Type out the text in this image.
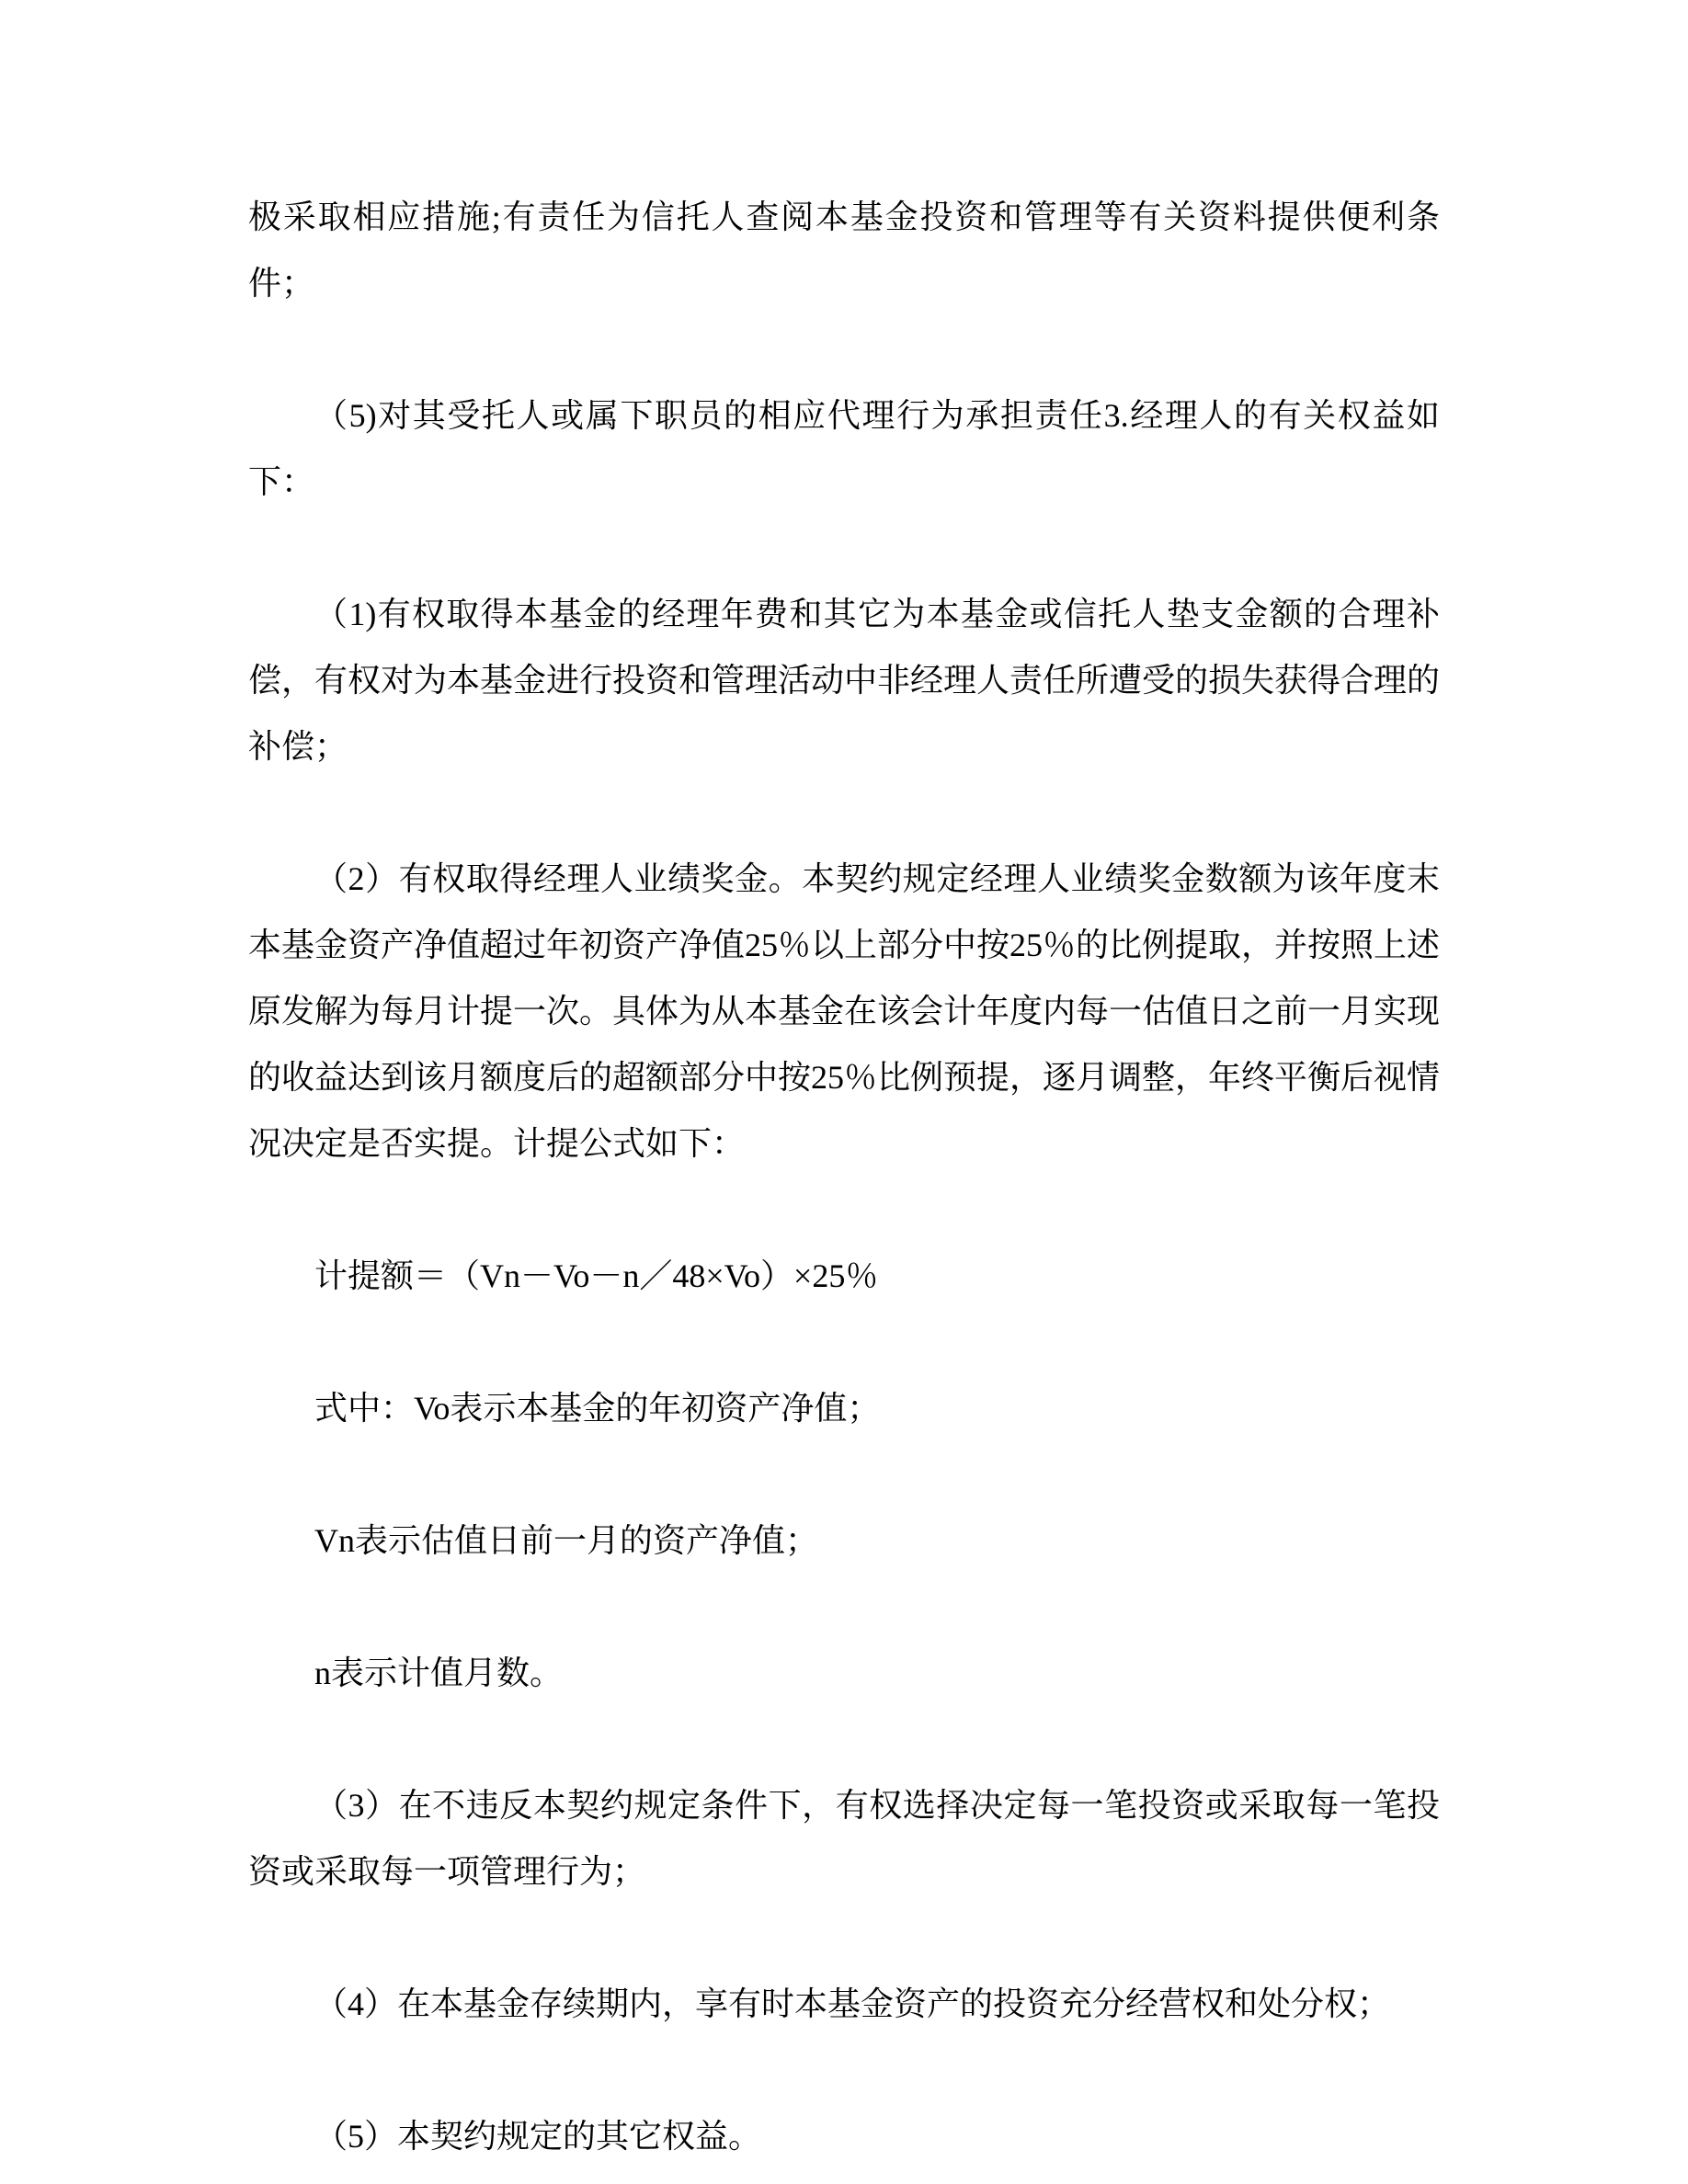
极采取相应措施;有责任为信托人查阅本基金投资和管理等有关资料提供便利条件；

（5)对其受托人或属下职员的相应代理行为承担责任3.经理人的有关权益如下：

（1)有权取得本基金的经理年费和其它为本基金或信托人垫支金额的合理补偿，有权对为本基金进行投资和管理活动中非经理人责任所遭受的损失获得合理的补偿；

（2）有权取得经理人业绩奖金。本契约规定经理人业绩奖金数额为该年度末本基金资产净值超过年初资产净值25％以上部分中按25％的比例提取，并按照上述原发解为每月计提一次。具体为从本基金在该会计年度内每一估值日之前一月实现的收益达到该月额度后的超额部分中按25％比例预提，逐月调整，年终平衡后视情况决定是否实提。计提公式如下：

计提额＝（Vn－Vo－n／48×Vo）×25％

式中：Vo表示本基金的年初资产净值；

Vn表示估值日前一月的资产净值；

n表示计值月数。

（3）在不违反本契约规定条件下，有权选择决定每一笔投资或采取每一笔投资或采取每一项管理行为；

（4）在本基金存续期内，享有时本基金资产的投资充分经营权和处分权；

（5）本契约规定的其它权益。
